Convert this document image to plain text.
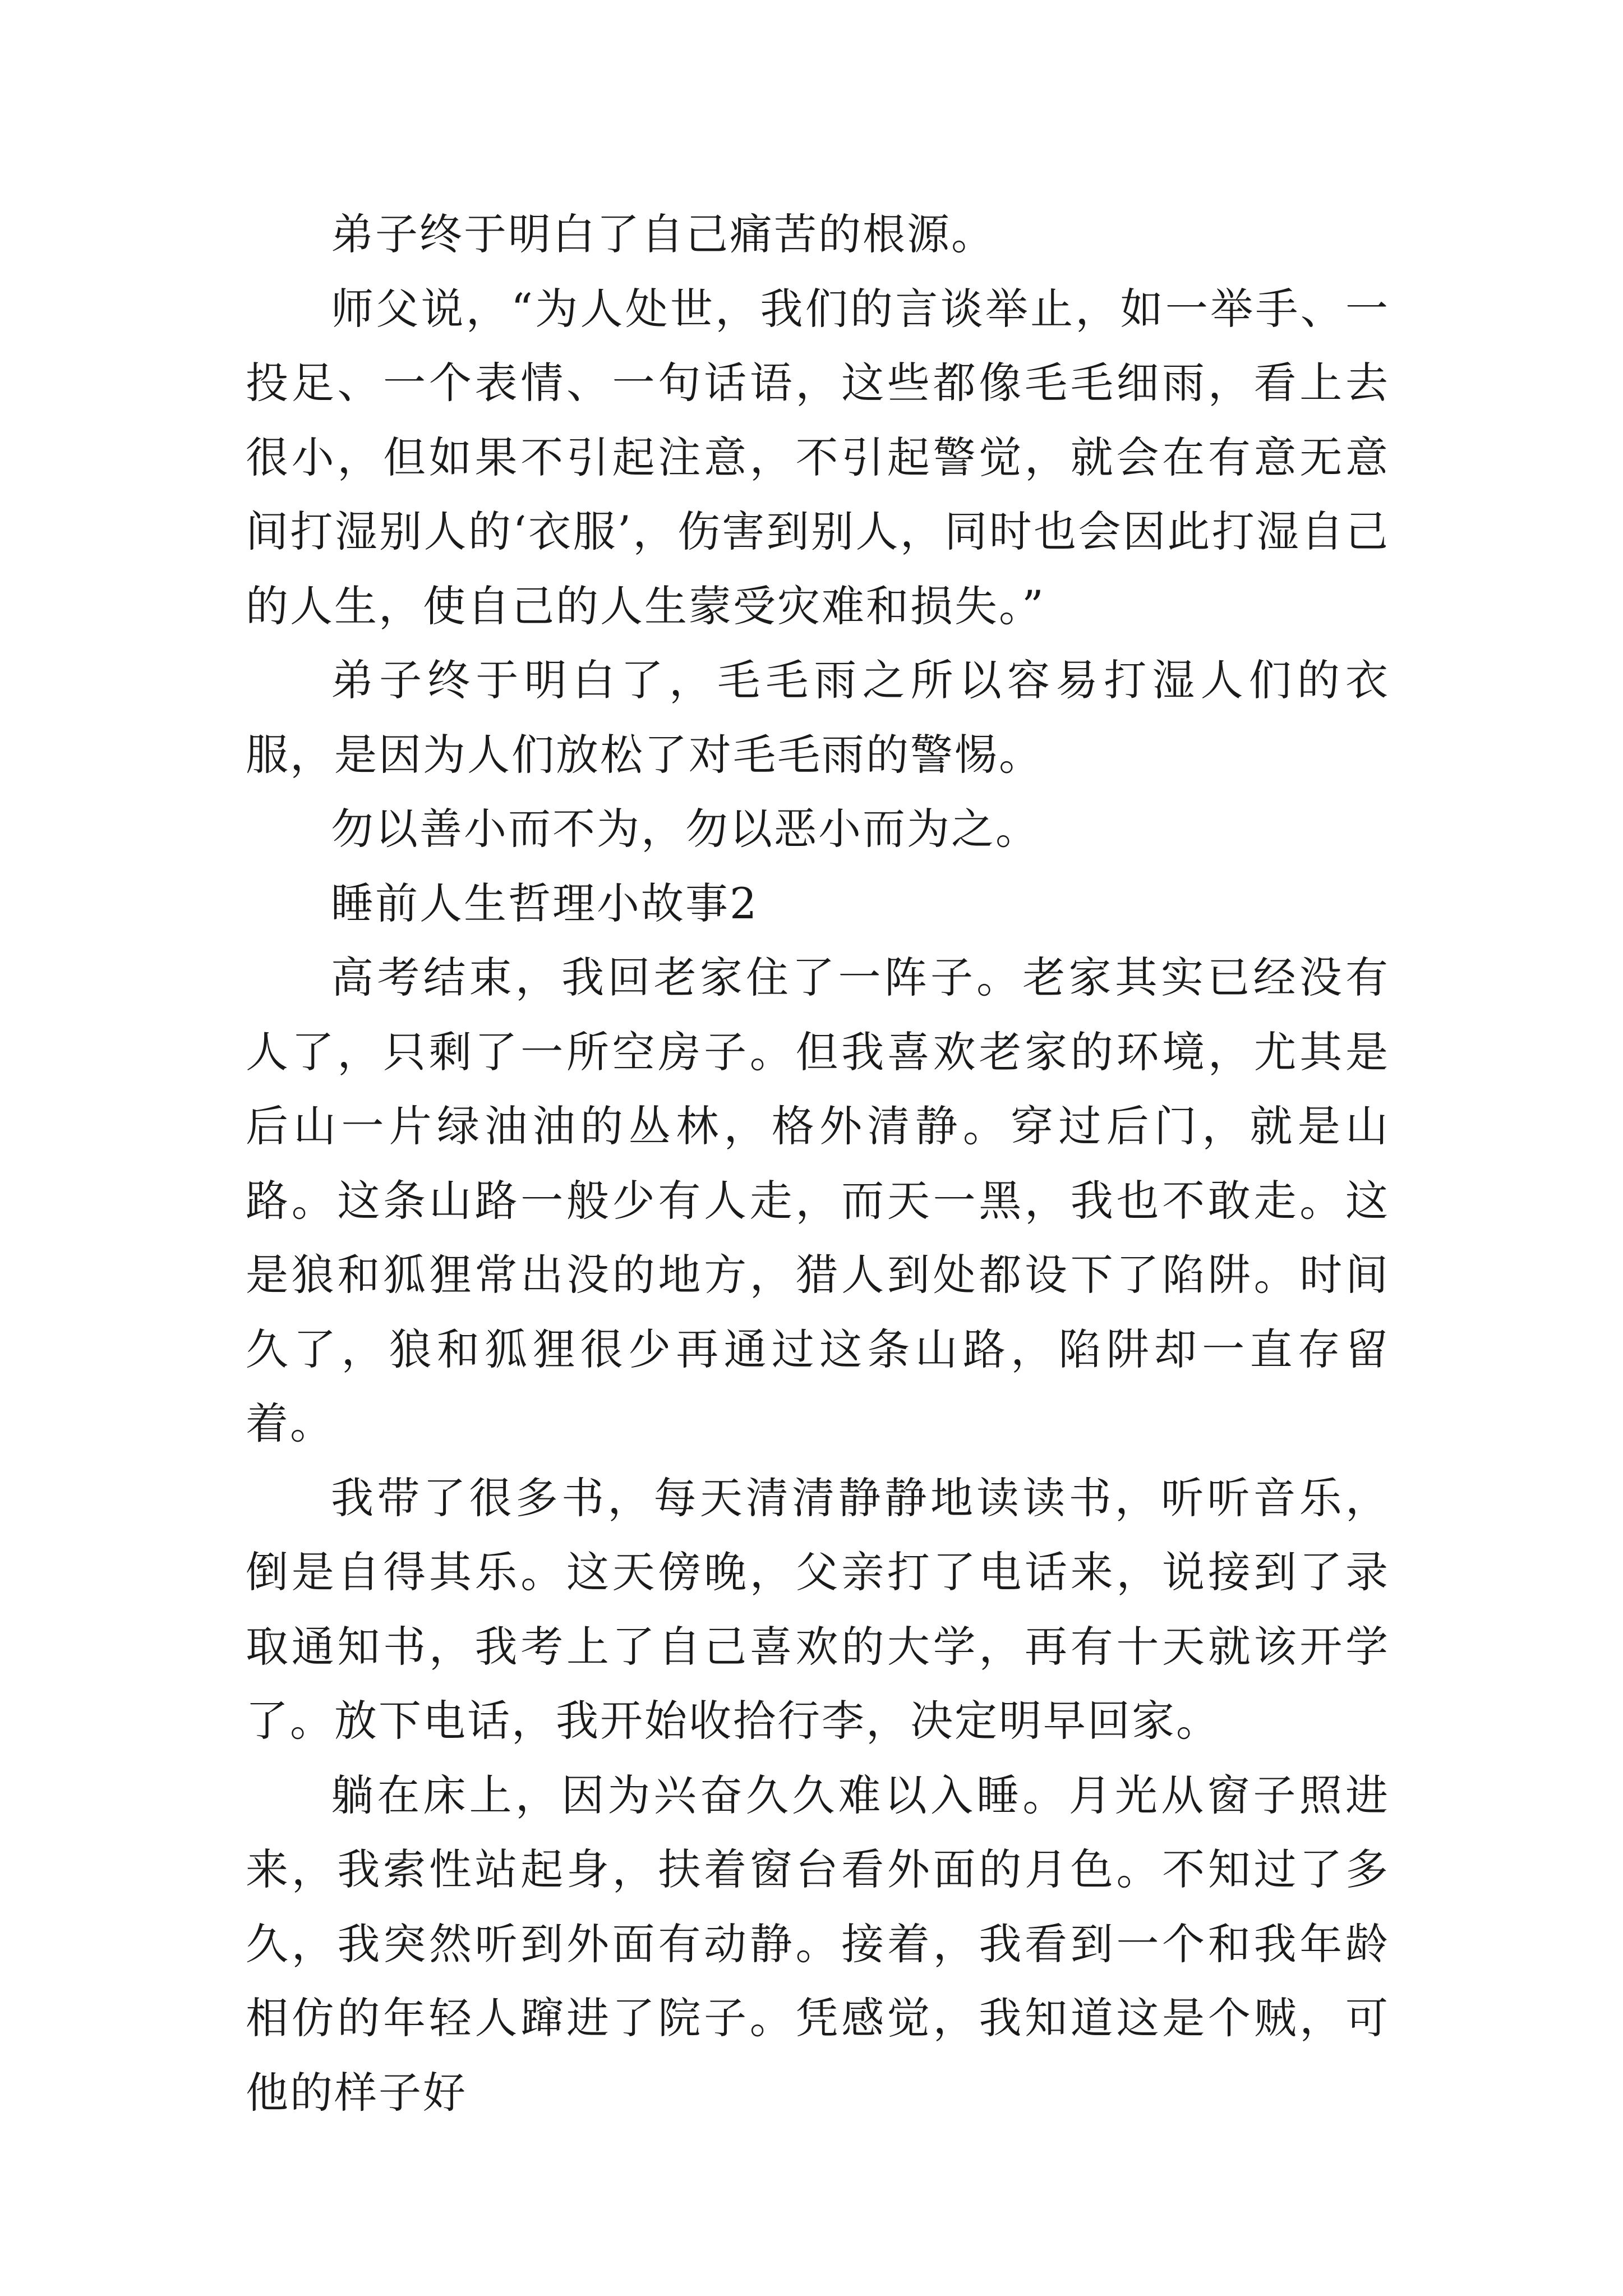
弟子终于明白了自己痛苦的根源。

师父说，“为人处世，我们的言谈举止，如一举手、一投足、一个表情、一句话语，这些都像毛毛细雨，看上去很小，但如果不引起注意，不引起警觉，就会在有意无意间打湿别人的‘衣服’，伤害到别人，同时也会因此打湿自己的人生，使自己的人生蒙受灾难和损失。”

弟子终于明白了，毛毛雨之所以容易打湿人们的衣服，是因为人们放松了对毛毛雨的警惕。

勿以善小而不为，勿以恶小而为之。

睡前人生哲理小故事2

高考结束，我回老家住了一阵子。老家其实已经没有人了，只剩了一所空房子。但我喜欢老家的环境，尤其是后山一片绿油油的丛林，格外清静。穿过后门，就是山路。这条山路一般少有人走，而天一黑，我也不敢走。这是狼和狐狸常出没的地方，猎人到处都设下了陷阱。时间久了，狼和狐狸很少再通过这条山路，陷阱却一直存留着。

我带了很多书，每天清清静静地读读书，听听音乐，倒是自得其乐。这天傍晚，父亲打了电话来，说接到了录取通知书，我考上了自己喜欢的大学，再有十天就该开学了。放下电话，我开始收拾行李，决定明早回家。

躺在床上，因为兴奋久久难以入睡。月光从窗子照进来，我索性站起身，扶着窗台看外面的月色。不知过了多久，我突然听到外面有动静。接着，我看到一个和我年龄相仿的年轻人蹿进了院子。凭感觉，我知道这是个贼，可他的样子好
